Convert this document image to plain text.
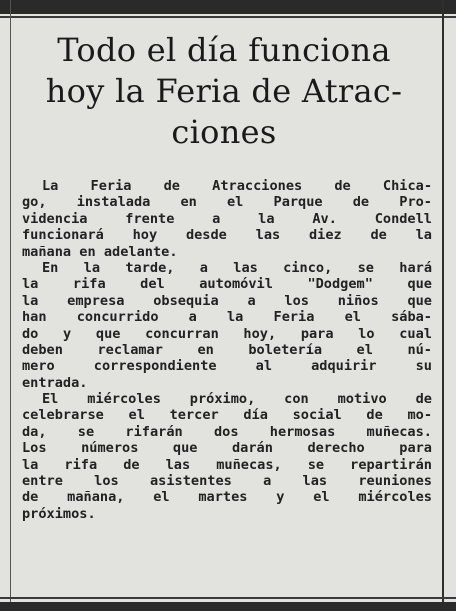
Todo el día funciona
hoy la Feria de Atrac-
ciones
La Feria de Atracciones de Chica-
go, instalada en el Parque de Pro-
videncia frente a la Av. Condell
funcionará hoy desde las diez de la
mañana en adelante.
En la tarde, a las cinco, se hará
la rifa del automóvil "Dodgem" que
la empresa obsequia a los niños que
han concurrido a la Feria el sába-
do y que concurran hoy, para lo cual
deben reclamar en boletería el nú-
mero correspondiente al adquirir su
entrada.
El miércoles próximo, con motivo de
celebrarse el tercer día social de mo-
da, se rifarán dos hermosas muñecas.
Los números que darán derecho para
la rifa de las muñecas, se repartirán
entre los asistentes a las reuniones
de mañana, el martes y el miércoles
próximos.
